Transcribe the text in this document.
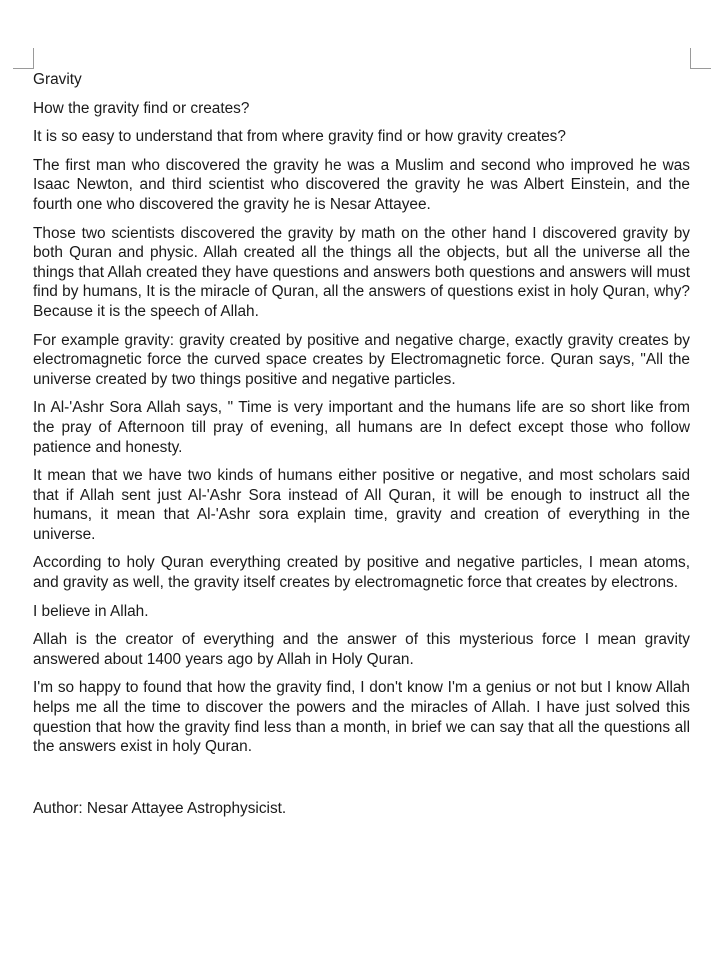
Gravity

How the gravity find or creates?

It is so easy to understand that from where gravity find or how gravity creates?

The first man who discovered the gravity he was a Muslim and second who improved he was Isaac Newton, and third scientist who discovered the gravity he was Albert Einstein, and the fourth one who discovered the gravity he is Nesar Attayee.

Those two scientists discovered the gravity by math on the other hand I discovered gravity by both Quran and physic. Allah created all the things all the objects, but all the universe all the things that Allah created they have questions and answers both questions and answers will must find by humans, It is the miracle of Quran, all the answers of questions exist in holy Quran, why? Because it is the speech of Allah.

For example gravity: gravity created by positive and negative charge, exactly gravity creates by electromagnetic force the curved space creates by Electromagnetic force. Quran says, "All the universe created by two things positive and negative particles.

In Al-'Ashr Sora Allah says, " Time is very important and the humans life are so short like from the pray of Afternoon till pray of evening, all humans are In defect except those who follow patience and honesty.

It mean that we have two kinds of humans either positive or negative, and most scholars said that if Allah sent just Al-'Ashr Sora instead of All Quran, it will be enough to instruct all the humans, it mean that Al-'Ashr sora explain time, gravity and creation of everything in the universe.

According to holy Quran everything created by positive and negative particles, I mean atoms, and gravity as well, the gravity itself creates by electromagnetic force that creates by electrons.

I believe in Allah.

Allah is the creator of everything and the answer of this mysterious force I mean gravity answered about 1400 years ago by Allah in Holy Quran.

I'm so happy to found that how the gravity find, I don't know I'm a genius or not but I know Allah helps me all the time to discover the powers and the miracles of Allah. I have just solved this question that how the gravity find less than a month, in brief we can say that all the questions all the answers exist in holy Quran.

Author: Nesar Attayee Astrophysicist.
